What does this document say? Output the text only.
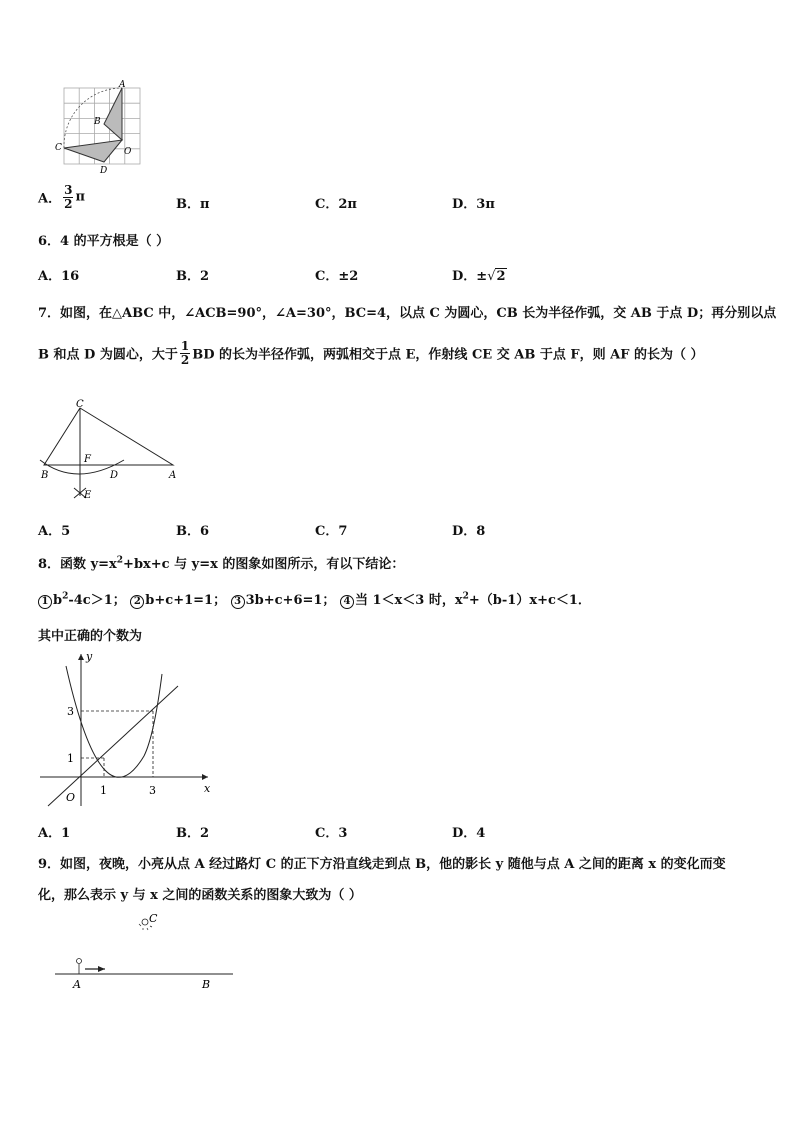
A
B
C	O
D
A． $\frac{3}{2}$ π	B．π	C．2π	D．3π
6．4 的平方根是（ ）
A．16	B．2	C．±2	D．±√2
7．如图，在△ABC 中，∠ACB=90°，∠A=30°，BC=4，以点 C 为圆心，CB 长为半径作弧，交 AB 于点 D；再分别以点
B 和点 D 为圆心，大于 $\frac{1}{2}$ BD 的长为半径作弧，两弧相交于点 E，作射线 CE 交 AB 于点 F，则 AF 的长为（ ）
C
F
B	D	A
E
A．5	B．6	C．7	D．8
8．函数 $y=x^2+bx+c$ 与 y=x 的图象如图所示，有以下结论：
1 $b^2-4c>1$； 2 b+c+1=1； 3 3b+c+6=1； 4 当 1＜x＜3 时，$x^2+(b-1)x+c<1$．
其中正确的个数为
y
x
O
1
3
1	3
A．1	B．2	C．3	D．4
9．如图，夜晚，小亮从点 A 经过路灯 C 的正下方沿直线走到点 B，他的影长 y 随他与点 A 之间的距离 x 的变化而变
化，那么表示 y 与 x 之间的函数关系的图象大致为（ ）
C
A	B
